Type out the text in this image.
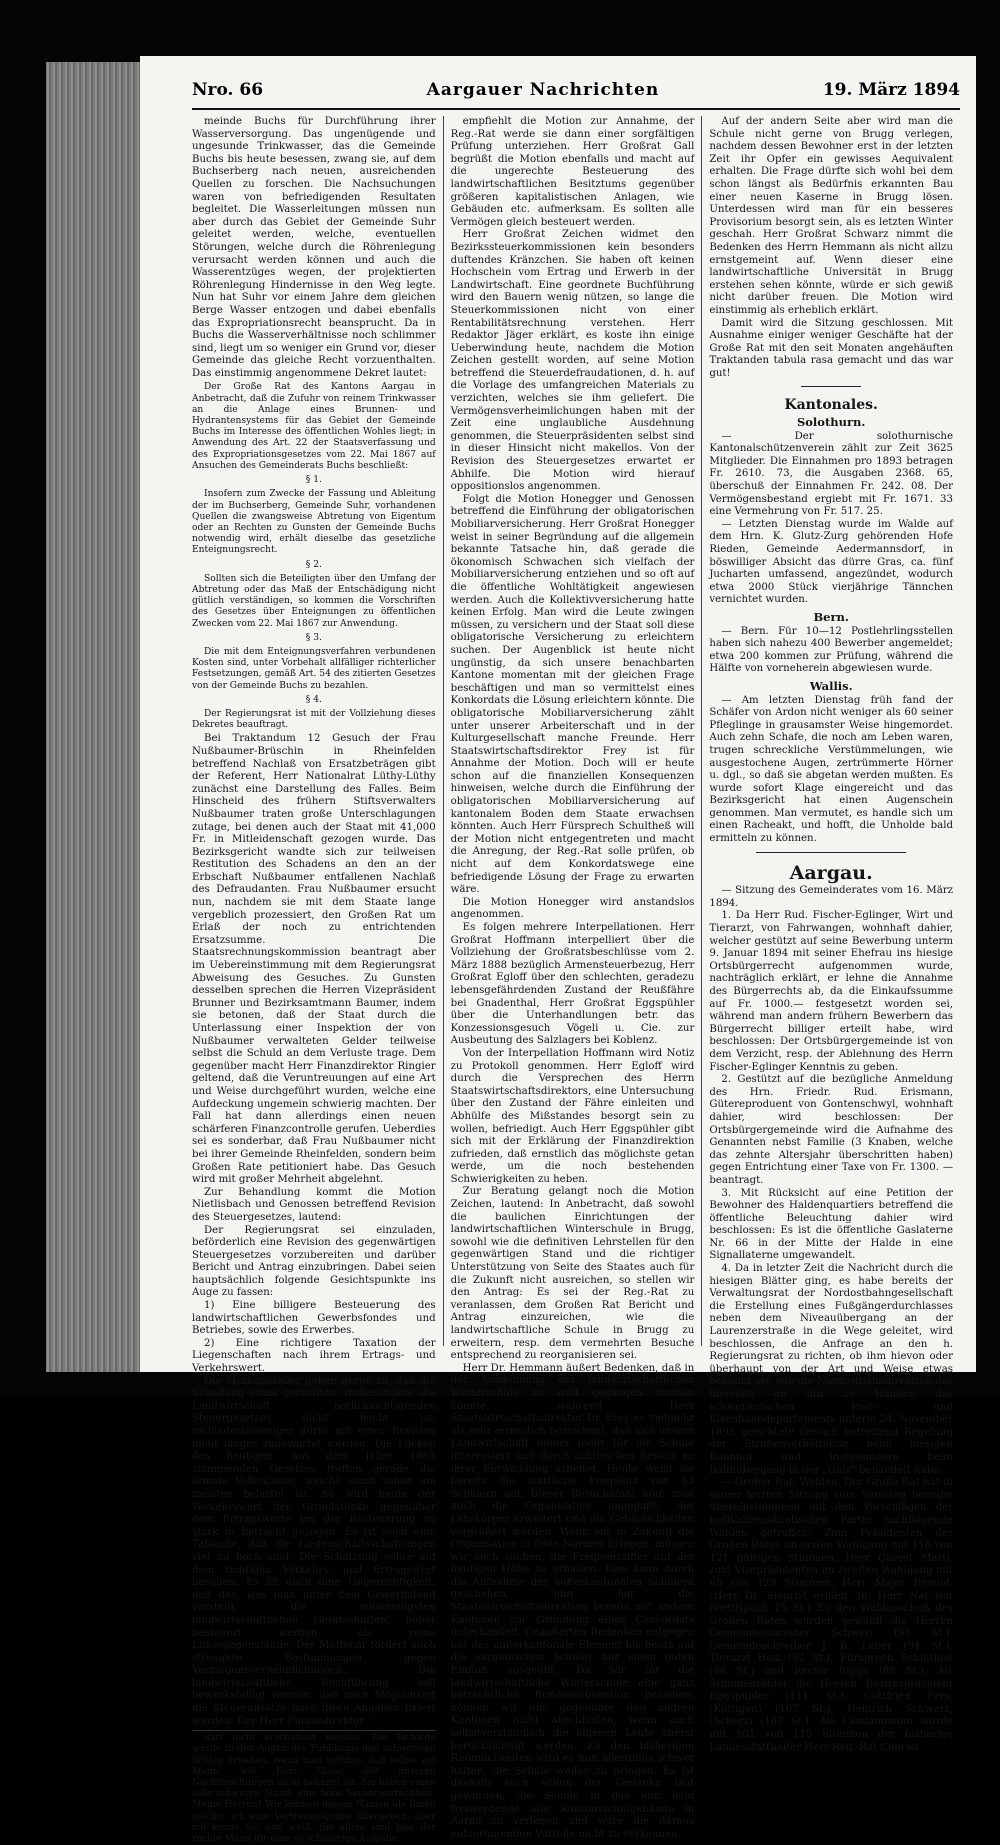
Nro. 66	Aargauer Nachrichten	19. März 1894

meinde Buchs für Durchführung ihrer Wasserversorgung. Das ungenügende und ungesunde Trinkwasser, das die Gemeinde Buchs bis heute besessen, zwang sie, auf dem Buchserberg nach neuen, ausreichenden Quellen zu forschen. Die Nachsuchungen waren von befriedigenden Resultaten begleitet. Die Wasserleitungen müssen nun aber durch das Gebiet der Gemeinde Suhr geleitet werden, welche, eventuellen Störungen, welche durch die Röhrenlegung verursacht werden können und auch die Wasserentzüges wegen, der projektierten Röhrenlegung Hindernisse in den Weg legte. Nun hat Suhr vor einem Jahre dem gleichen Berge Wasser entzogen und dabei ebenfalls das Expropriationsrecht beansprucht. Da in Buchs die Wasserverhältnisse noch schlimmer sind, liegt um so weniger ein Grund vor, dieser Gemeinde das gleiche Recht vorzuenthalten. Das einstimmig angenommene Dekret lautet:

Der Große Rat des Kantons Aargau in Anbetracht, daß die Zufuhr von reinem Trinkwasser an die Anlage eines Brunnen- und Hydrantensystems für das Gebiet der Gemeinde Buchs im Interesse des öffentlichen Wohles liegt; in Anwendung des Art. 22 der Staatsverfassung und des Expropriationsgesetzes vom 22. Mai 1867 auf Ansuchen des Gemeinderats Buchs beschließt:

§ 1.

Insofern zum Zwecke der Fassung und Ableitung der im Buchserberg, Gemeinde Suhr, vorhandenen Quellen die zwangsweise Abtretung von Eigentum oder an Rechten zu Gunsten der Gemeinde Buchs notwendig wird, erhält dieselbe das gesetzliche Enteignungsrecht.

§ 2.

Sollten sich die Beteiligten über den Umfang der Abtretung oder das Maß der Entschädigung nicht gütlich verständigen, so kommen die Vorschriften des Gesetzes über Enteignungen zu öffentlichen Zwecken vom 22. Mai 1867 zur Anwendung.

§ 3.

Die mit dem Enteignungsverfahren verbundenen Kosten sind, unter Vorbehalt allfälliger richterlicher Festsetzungen, gemäß Art. 54 des zitierten Gesetzes von der Gemeinde Buchs zu bezahlen.

§ 4.

Der Regierungsrat ist mit der Vollziehung dieses Dekretes beauftragt.

Bei Traktandum 12 Gesuch der Frau Nußbaumer-Brüschin in Rheinfelden betreffend Nachlaß von Ersatzbeträgen gibt der Referent, Herr Nationalrat Lüthy-Lüthy zunächst eine Darstellung des Falles. Beim Hinscheid des frühern Stiftsverwalters Nußbaumer traten große Unterschlagungen zutage, bei denen auch der Staat mit 41,000 Fr. in Mitleidenschaft gezogen wurde. Das Bezirksgericht wandte sich zur teilweisen Restitution des Schadens an den an der Erbschaft Nußbaumer entfallenen Nachlaß des Defraudanten. Frau Nußbaumer ersucht nun, nachdem sie mit dem Staate lange vergeblich prozessiert, den Großen Rat um Erlaß der noch zu entrichtenden Ersatzsumme. Die Staatsrechnungskommission beantragt aber im Uebereinstimmung mit dem Regierungsrat Abweisung des Gesuches. Zu Gunsten desselben sprechen die Herren Vizepräsident Brunner und Bezirksamtmann Baumer, indem sie betonen, daß der Staat durch die Unterlassung einer Inspektion der von Nußbaumer verwalteten Gelder teilweise selbst die Schuld an dem Verluste trage. Dem gegenüber macht Herr Finanzdirektor Ringier geltend, daß die Veruntreuungen auf eine Art und Weise durchgeführt wurden, welche eine Aufdeckung ungemein schwierig machten. Der Fall hat dann allerdings einen neuen schärferen Finanzcontrolle gerufen. Ueberdies sei es sonderbar, daß Frau Nußbaumer nicht bei ihrer Gemeinde Rheinfelden, sondern beim Großen Rate petitioniert habe. Das Gesuch wird mit großer Mehrheit abgelehnt.

Zur Behandlung kommt die Motion Nietlisbach und Genossen betreffend Revision des Steuergesetzes, lautend:

Der Regierungsrat sei einzuladen, beförderlich eine Revision des gegenwärtigen Steuergesetzes vorzubereiten und darüber Bericht und Antrag einzubringen. Dabei seien hauptsächlich folgende Gesichtspunkte ins Auge zu fassen:

1) Eine billigere Besteuerung des landwirtschaftlichen Gewerbsfondes und Betriebes, sowie des Erwerbes.

2) Eine richtigere Taxation der Liegenschaften nach ihrem Ertrags- und Verkehrswert.

Die Motionssteller geben gerne zu, daß die Schaffung eines gerechten, insbesondere die Landwirtschaft berücksichtigenden Steuergesetzes nicht leicht ist, nichtsdestoweniger dürfe mit einer Revision nicht länger zugewartet werden. Die Lücken des heutigen, aus dem Jahre 1865 stammenden Gesetzes treffen gerade die ärmste Volksklasse, welche sonst schon am meisten belastet ist. So wird heute der Verkehrswert der Grundstücke gegenüber dem Ertragswerte bei der Besteuerung zu stark in Betracht gezogen. Es ist auch eine Tatsache, daß die Liegenschaftsschatzungen viel zu hoch sind. Die Schätzung sollte auf dem richtigen Verkehrs- und Ertragswert beruhen. Es ist auch eine Ungerechtigkeit, daß das, was man unter dem Gewerbsfond versteht, die notwendigsten landwirtschaftlichen Gerätschaften, höher besteuert werden, als reine Luxusgegenstände. Der Motionär fordert auch strengere Bestimmungen gegen Vermögensverheimlichungen. Die landwirtschaftliche Buchführung soll bewerkstelligt werden, daß nach Möglichkeit die Steueransätze nach ihren Angaben fixiert werden. Der Herr Finanzdirektor

darf nicht erschüttert werden. Die Behörde würde in den Augen des Publikums den schwersten Schlag erhalten, wenn man erführe, daß selbst ein Mann, wie Herr Gloor, der unseren Nachforschungen nicht bekannt ist. Sie haben einen sehr schweren Stand, eine hohe Verantwortlichkeit. Meine Herren! Wir können diesen Namen als Ihnen möchte ich eine Vertrauensprobe übergeben; aber ich kenne Sie und weiß, Sie allein sind hier der rechte Mann für eine so schwierige Aufgabe.

empfiehlt die Motion zur Annahme, der Reg.-Rat werde sie dann einer sorgfältigen Prüfung unterziehen. Herr Großrat Gall begrüßt die Motion ebenfalls und macht auf die ungerechte Besteuerung des landwirtschaftlichen Besitztums gegenüber größeren kapitalistischen Anlagen, wie Gebäuden etc. aufmerksam. Es sollten alle Vermögen gleich besteuert werden.

Herr Großrat Zeichen widmet den Bezirkssteuerkommissionen kein besonders duftendes Kränzchen. Sie haben oft keinen Hochschein vom Ertrag und Erwerb in der Landwirtschaft. Eine geordnete Buchführung wird den Bauern wenig nützen, so lange die Steuerkommissionen nicht von einer Rentabilitätsrechnung verstehen. Herr Redaktor Jäger erklärt, es koste ihn einige Ueberwindung heute, nachdem die Motion Zeichen gestellt worden, auf seine Motion betreffend die Steuerdefraudationen, d. h. auf die Vorlage des umfangreichen Materials zu verzichten, welches sie ihm geliefert. Die Vermögensverheimlichungen haben mit der Zeit eine unglaubliche Ausdehnung genommen, die Steuerpräsidenten selbst sind in dieser Hinsicht nicht makellos. Von der Revision des Steuergesetzes erwartet er Abhilfe. Die Motion wird hierauf oppositionslos angenommen.

Folgt die Motion Honegger und Genossen betreffend die Einführung der obligatorischen Mobiliarversicherung. Herr Großrat Honegger weist in seiner Begründung auf die allgemein bekannte Tatsache hin, daß gerade die ökonomisch Schwachen sich vielfach der Mobiliarversicherung entziehen und so oft auf die öffentliche Wohltätigkeit angewiesen werden. Auch die Kollektivversicherung hatte keinen Erfolg. Man wird die Leute zwingen müssen, zu versichern und der Staat soll diese obligatorische Versicherung zu erleichtern suchen. Der Augenblick ist heute nicht ungünstig, da sich unsere benachbarten Kantone momentan mit der gleichen Frage beschäftigen und man so vermittelst eines Konkordats die Lösung erleichtern könnte. Die obligatorische Mobiliarversicherung zählt unter unserer Arbeiterschaft und in der Kulturgesellschaft manche Freunde. Herr Staatswirtschaftsdirektor Frey ist für Annahme der Motion. Doch will er heute schon auf die finanziellen Konsequenzen hinweisen, welche durch die Einführung der obligatorischen Mobiliarversicherung auf kantonalem Boden dem Staate erwachsen könnten. Auch Herr Fürsprech Schultheß will der Motion nicht entgegentreten und macht die Anregung, der Reg.-Rat solle prüfen, ob nicht auf dem Konkordatswege eine befriedigende Lösung der Frage zu erwarten wäre.

Die Motion Honegger wird anstandslos angenommen.

Es folgen mehrere Interpellationen. Herr Großrat Hoffmann interpelliert über die Vollziehung der Großratsbeschlüsse vom 2. März 1888 bezüglich Armensteuerbezug, Herr Großrat Egloff über den schlechten, geradezu lebensgefährdenden Zustand der Reußfähre bei Gnadenthal, Herr Großrat Eggspühler über die Unterhandlungen betr. das Konzessionsgesuch Vögeli u. Cie. zur Ausbeutung des Salzlagers bei Koblenz.

Von der Interpellation Hoffmann wird Notiz zu Protokoll genommen. Herr Egloff wird durch die Versprechen des Herrn Staatswirtschaftsdirektors, eine Untersuchung über den Zustand der Fähre einleiten und Abhülfe des Mißstandes besorgt sein zu wollen, befriedigt. Auch Herr Eggspühler gibt sich mit der Erklärung der Finanzdirektion zufrieden, daß ernstlich das möglichste getan werde, um die noch bestehenden Schwierigkeiten zu heben.

Zur Beratung gelangt noch die Motion Zeichen, lautend: In Anbetracht, daß sowohl die baulichen Einrichtungen der landwirtschaftlichen Winterschule in Brugg, sowohl wie die definitiven Lehrstellen für den gegenwärtigen Stand und die richtiger Unterstützung von Seite des Staates auch für die Zukunft nicht ausreichen, so stellen wir den Antrag: Es sei der Reg.-Rat zu veranlassen, dem Großen Rat Bericht und Antrag einzureichen, wie die landwirtschaftliche Schule in Brugg zu erweitern, resp. dem vermehrten Besuche entsprechend zu reorganisieren sei.

Herr Dr. Hemmann äußert Bedenken, daß in der Ausdehnung der landwirtschaftlichen Winterschule zu weit gegangen werden könnte, während Herr Staatswirtschaftsdirektor Dr. Frey es vielmehr als sehr erfreulich bezeichnet, daß sich unsere Landwirtschaft immer mehr für die Schule interessiert und durch zahlreichen Besuch an ihrer Entwicklung arbeitet. Heute weist sie bereits die stattliche Frequenz von 63 Schülern auf. Dieser Besuchszahl muß man auch die Organisation angepaßt, der Lehrkörper erweitert und die Gebäulichkeiten vergrößert werden. Wenn wir in Zukunft die Organisation in feste Normen bringen, müssen wir auch suchen, die Frequenzziffer auf der heutigen Höhe zu erhalten. Dies kann durch die Aufnahme der außerkantonalen Schülern geschehen, und hat die Staatswirtschaftsdirektion bereits mit andern Kantonen zur Gründung eines Concordats unterhandelt. Geäußerten Bedenken entgegen hat das außerkantonale Element bis heute auf die aargauischen Schüler nur einen guten Einfluß ausgeübt. Da wir für die landwirtschaftliche Winterschule eine ganz beträchtliche Bundessubvention beziehen, können wir uns gegenüber den andern Kantonen nicht abschließen, wenn auch selbstverständlich die eigenen Leute zuerst berücksichtigt werden. Zu den bisherigen Räumlichkeiten wird es nun allerdings schwer halten, die Schule weiter zu bringen. Es ist deshalb auch schon der Gedanke laut geworden, die Schule in das nun bald freiwerdende alte Kantonsschulgebäude in Aarau zu verlegen und wäre die daraus entspringenden Vorteile nicht zu verkennen.

Auf der andern Seite aber wird man die Schule nicht gerne von Brugg verlegen, nachdem dessen Bewohner erst in der letzten Zeit ihr Opfer ein gewisses Aequivalent erhalten. Die Frage dürfte sich wohl bei dem schon längst als Bedürfnis erkannten Bau einer neuen Kaserne in Brugg lösen. Unterdessen wird man für ein besseres Provisorium besorgt sein, als es letzten Winter geschah. Herr Großrat Schwarz nimmt die Bedenken des Herrn Hemmann als nicht allzu ernstgemeint auf. Wenn dieser eine landwirtschaftliche Universität in Brugg erstehen sehen könnte, würde er sich gewiß nicht darüber freuen. Die Motion wird einstimmig als erheblich erklärt.

Damit wird die Sitzung geschlossen. Mit Ausnahme einiger weniger Geschäfte hat der Große Rat mit den seit Monaten angehäuften Traktanden tabula rasa gemacht und das war gut!

Kantonales.
Solothurn.

— Der solothurnische Kantonalschützenverein zählt zur Zeit 3625 Mitglieder. Die Einnahmen pro 1893 betragen Fr. 2610. 73, die Ausgaben 2368. 65, überschuß der Einnahmen Fr. 242. 08. Der Vermögensbestand ergiebt mit Fr. 1671. 33 eine Vermehrung von Fr. 517. 25.

— Letzten Dienstag wurde im Walde auf dem Hrn. K. Glutz-Zurg gehörenden Hofe Rieden, Gemeinde Aedermannsdorf, in böswilliger Absicht das dürre Gras, ca. fünf Jucharten umfassend, angezündet, wodurch etwa 2000 Stück vierjährige Tännchen vernichtet wurden.

Bern.

— Bern. Für 10—12 Postlehrlingsstellen haben sich nahezu 400 Bewerber angemeldet; etwa 200 kommen zur Prüfung, während die Hälfte von vorneherein abgewiesen wurde.

Wallis.

— Am letzten Dienstag früh fand der Schäfer von Ardon nicht weniger als 60 seiner Pfleglinge in grausamster Weise hingemordet. Auch zehn Schafe, die noch am Leben waren, trugen schreckliche Verstümmelungen, wie ausgestochene Augen, zertrümmerte Hörner u. dgl., so daß sie abgetan werden mußten. Es wurde sofort Klage eingereicht und das Bezirksgericht hat einen Augenschein genommen. Man vermutet, es handle sich um einen Racheakt, und hofft, die Unholde bald ermitteln zu können.

Aargau.

— Sitzung des Gemeinderates vom 16. März 1894.

1. Da Herr Rud. Fischer-Eglinger, Wirt und Tierarzt, von Fahrwangen, wohnhaft dahier, welcher gestützt auf seine Bewerbung unterm 9. Januar 1894 mit seiner Ehefrau ins hiesige Ortsbürgerrecht aufgenommen wurde, nachträglich erklärt, er lehne die Annahme des Bürgerrechts ab, da die Einkaufssumme auf Fr. 1000.— festgesetzt worden sei, während man andern frühern Bewerbern das Bürgerrecht billiger erteilt habe, wird beschlossen: Der Ortsbürgergemeinde ist von dem Verzicht, resp. der Ablehnung des Herrn Fischer-Eglinger Kenntnis zu geben.

2. Gestützt auf die bezügliche Anmeldung des Hrn. Friedr. Rud. Erismann, Gütereproduent von Gontenschwyl, wohnhaft dahier, wird beschlossen: Der Ortsbürgergemeinde wird die Aufnahme des Genannten nebst Familie (3 Knaben, welche das zehnte Altersjahr überschritten haben) gegen Entrichtung einer Taxe von Fr. 1300. — beantragt.

3. Mit Rücksicht auf eine Petition der Bewohner des Haldenquartiers betreffend die öffentliche Beleuchtung dahier wird beschlossen: Es ist die öffentliche Gaslaterne Nr. 66 in der Mitte der Halde in eine Signallaterne umgewandelt.

4. Da in letzter Zeit die Nachricht durch die hiesigen Blätter ging, es habe bereits der Verwaltungsrat der Nordostbahngesellschaft die Erstellung eines Fußgängerdurchlasses neben dem Niveauübergang an der Laurenzerstraße in die Wege geleitet, wird beschlossen, die Anfrage an den h. Regierungsrat zu richten, ob ihm hievon oder überhaupt von der Art und Weise etwas bekannt sei, wie die Nordostbahndirektion das hierseits an ihn zu Handen des schweizerischen Post- und Eisenbahndepartements unterm 24. November 1893 gerichtete Gesuch betreffend Regelung der Straßenverhältnisse beim hiesigen Bahnhof und insbesondere beim Bahnübergang in der „Gais“ behandelt habe.

— Großer Rat, Wahlen. Der Große Rat hat in seiner letzten Sitzung vom Samstag beinahe übereinstimmend mit den Vorschlägen der radikaldemokratischen Partei nachfolgende Wahlen getroffen: Zum Präsidenten des Großen Rates im ersten Wahlgang mit 116 von 121 gültigen Stimmen, Herr Oberst Marti, zum Vizepräsidenten im zweiten Wahlgang mit 65 von 129 Stimmen, Herr Major Renold. (Herr Dr. Siegrist erhielt 38, Herr Nat.-Rat Nietlispach 15 St.) Zu den Wahlauschuß des Großen Rates wurden gewählt die Herren Gemeindeschreiber Schwerí (95 St.), Gemeindeschreiber J. B. Leber (94 St.), Tierarzt Heiz (92 St.), Fürsprech Schultheß (88 St.) und Rector Riggli (85 St.). Als Stimmenzähler die Herren Bezirkspräsident Eggspühler (111 St.), Gottfried Frey, (Küttigen) (107 St.), Heinrich Schwarz, (Scherz) (107 St.). Als Landammann wurde mit 101 von 115 Stimmen der bisherige Landesstatthalter Herr Reg.-Rat Conrad
